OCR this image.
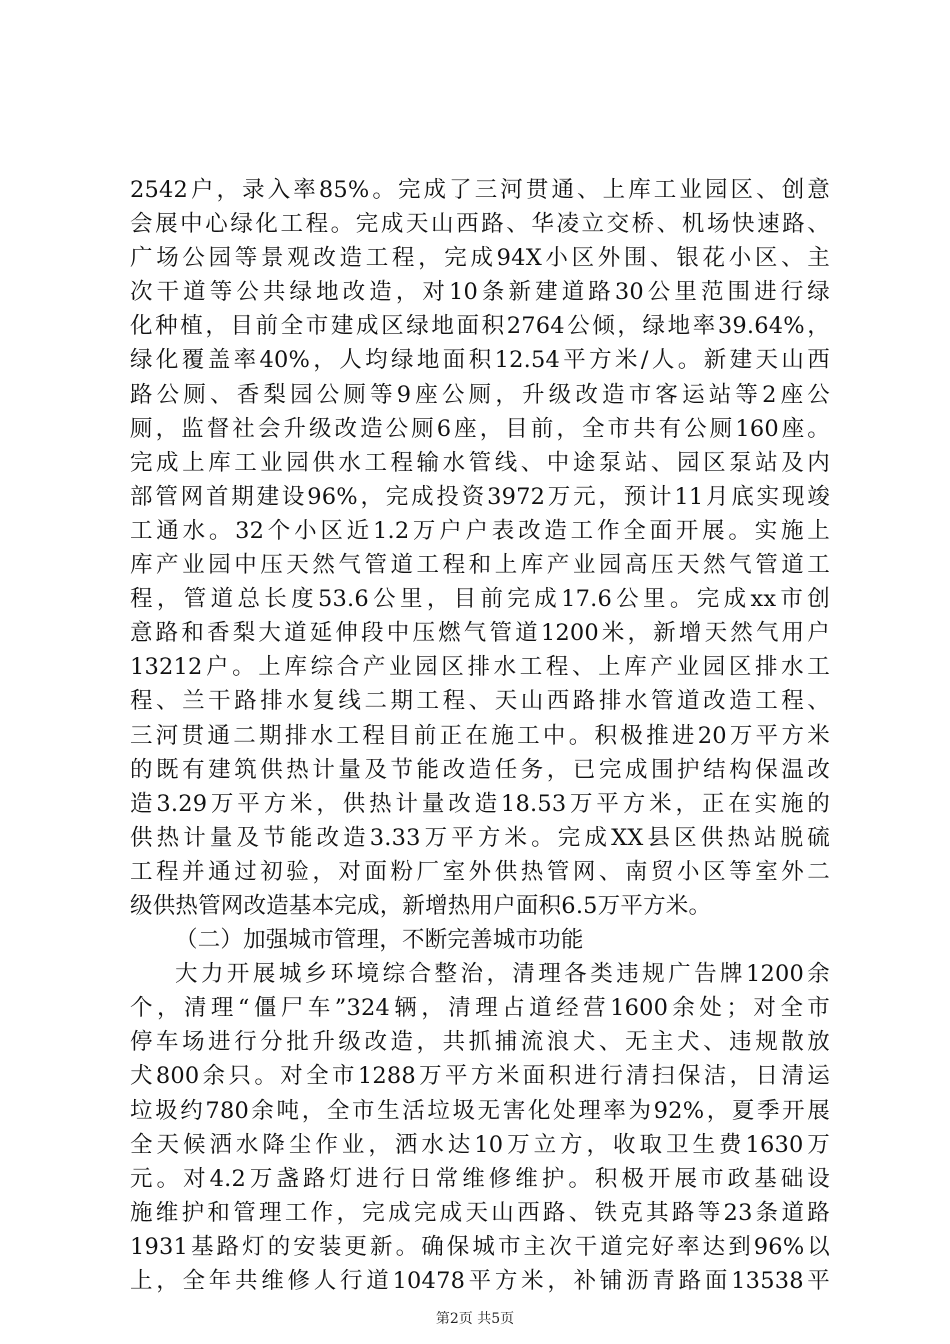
2542户，录入率85%。完成了三河贯通、上库工业园区、创意
会展中心绿化工程。完成天山西路、华凌立交桥、机场快速路、
广场公园等景观改造工程，完成94X小区外围、银花小区、主
次干道等公共绿地改造，对10条新建道路30公里范围进行绿
化种植，目前全市建成区绿地面积2764公倾，绿地率39.64%，
绿化覆盖率40%，人均绿地面积12.54平方米/人。新建天山西
路公厕、香梨园公厕等9座公厕，升级改造市客运站等2座公
厕，监督社会升级改造公厕6座，目前，全市共有公厕160座。
完成上库工业园供水工程输水管线、中途泵站、园区泵站及内
部管网首期建设96%，完成投资3972万元，预计11月底实现竣
工通水。32个小区近1.2万户户表改造工作全面开展。实施上
库产业园中压天然气管道工程和上库产业园高压天然气管道工
程，管道总长度53.6公里，目前完成17.6公里。完成xx市创
意路和香梨大道延伸段中压燃气管道1200米，新增天然气用户
13212户。上库综合产业园区排水工程、上库产业园区排水工
程、兰干路排水复线二期工程、天山西路排水管道改造工程、
三河贯通二期排水工程目前正在施工中。积极推进20万平方米
的既有建筑供热计量及节能改造任务，已完成围护结构保温改
造3.29万平方米，供热计量改造18.53万平方米，正在实施的
供热计量及节能改造3.33万平方米。完成XX县区供热站脱硫
工程并通过初验，对面粉厂室外供热管网、南贸小区等室外二
级供热管网改造基本完成，新增热用户面积6.5万平方米。
（二）加强城市管理，不断完善城市功能
大力开展城乡环境综合整治，清理各类违规广告牌1200余
个，清理“僵尸车”324辆，清理占道经营1600余处；对全市
停车场进行分批升级改造，共抓捕流浪犬、无主犬、违规散放
犬800余只。对全市1288万平方米面积进行清扫保洁，日清运
垃圾约780余吨，全市生活垃圾无害化处理率为92%，夏季开展
全天候洒水降尘作业，洒水达10万立方，收取卫生费1630万
元。对4.2万盏路灯进行日常维修维护。积极开展市政基础设
施维护和管理工作，完成完成天山西路、铁克其路等23条道路
1931基路灯的安装更新。确保城市主次干道完好率达到96%以
上，全年共维修人行道10478平方米，补铺沥青路面13538平
第2页 共5页
